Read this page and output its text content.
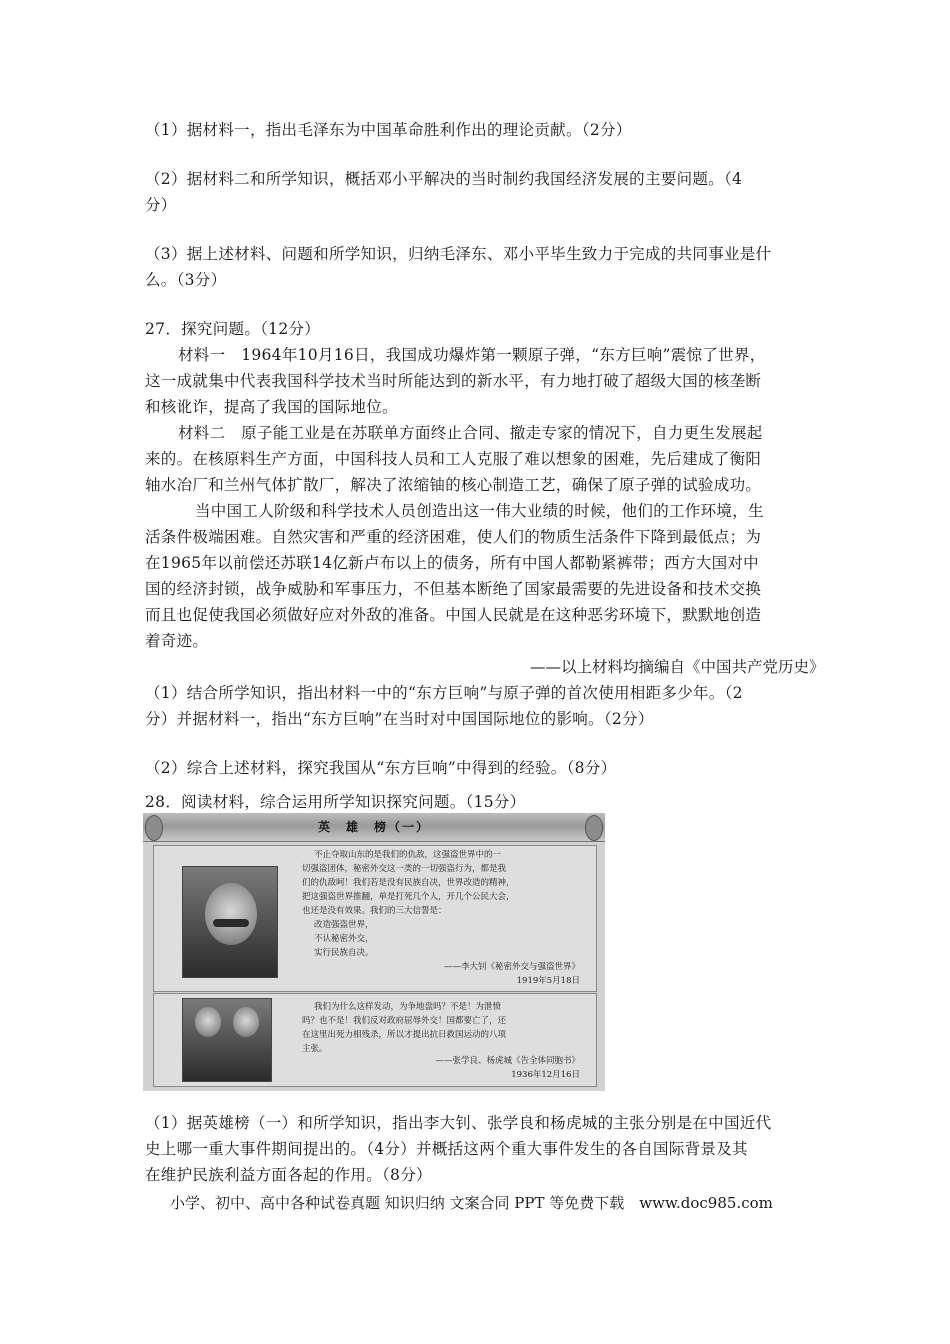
（1）据材料一，指出毛泽东为中国革命胜利作出的理论贡献。（2分）
（2）据材料二和所学知识，概括邓小平解决的当时制约我国经济发展的主要问题。（4
分）
（3）据上述材料、问题和所学知识，归纳毛泽东、邓小平毕生致力于完成的共同事业是什
么。（3分）
27．探究问题。（12分）
材料一　1964年10月16日，我国成功爆炸第一颗原子弹，“东方巨响”震惊了世界，
这一成就集中代表我国科学技术当时所能达到的新水平，有力地打破了超级大国的核垄断
和核讹诈，提高了我国的国际地位。
材料二　原子能工业是在苏联单方面终止合同、撤走专家的情况下，自力更生发展起
来的。在核原料生产方面，中国科技人员和工人克服了难以想象的困难，先后建成了衡阳
轴水冶厂和兰州气体扩散厂，解决了浓缩铀的核心制造工艺，确保了原子弹的试验成功。
当中国工人阶级和科学技术人员创造出这一伟大业绩的时候，他们的工作环境，生
活条件极端困难。自然灾害和严重的经济困难，使人们的物质生活条件下降到最低点；为
在1965年以前偿还苏联14亿新卢布以上的债务，所有中国人都勒紧裤带；西方大国对中
国的经济封锁，战争威胁和军事压力，不但基本断绝了国家最需要的先进设备和技术交换
而且也促使我国必须做好应对外敌的准备。中国人民就是在这种恶劣环境下，默默地创造
着奇迹。
——以上材料均摘编自《中国共产党历史》
（1）结合所学知识，指出材料一中的“东方巨响”与原子弹的首次使用相距多少年。（2
分）并据材料一，指出“东方巨响”在当时对中国国际地位的影响。（2分）
（2）综合上述材料，探究我国从“东方巨响”中得到的经验。（8分）
28．阅读材料，综合运用所学知识探究问题。（15分）
英　雄　榜（一）
不止夺取山东的是我们的仇敌，这强盗世界中的一
切强盗团体，秘密外交这一类的一切强盗行为，都是我
们的仇敌呵！我们若是没有民族自决，世界改造的精神，
把这强盗世界推翻，单是打死几个人，开几个公民大会，
也还是没有效果。我们的三大信誓是：
改造强盗世界，
不认秘密外交，
实行民族自决。
——李大钊《秘密外交与强盗世界》
1919年5月18日
我们为什么这样发动，为争地盘吗？不是！为泄愤
吗？也不是！我们反对政府屈辱外交！国都要亡了，还
在这里出死力相残杀，所以才提出抗日救国运动的八项
主张。
——张学良、杨虎城《告全体同胞书》
1936年12月16日
（1）据英雄榜（一）和所学知识，指出李大钊、张学良和杨虎城的主张分别是在中国近代
史上哪一重大事件期间提出的。（4分）并概括这两个重大事件发生的各自国际背景及其
在维护民族利益方面各起的作用。（8分）
小学、初中、高中各种试卷真题 知识归纳 文案合同 PPT 等免费下载　www.doc985.com
